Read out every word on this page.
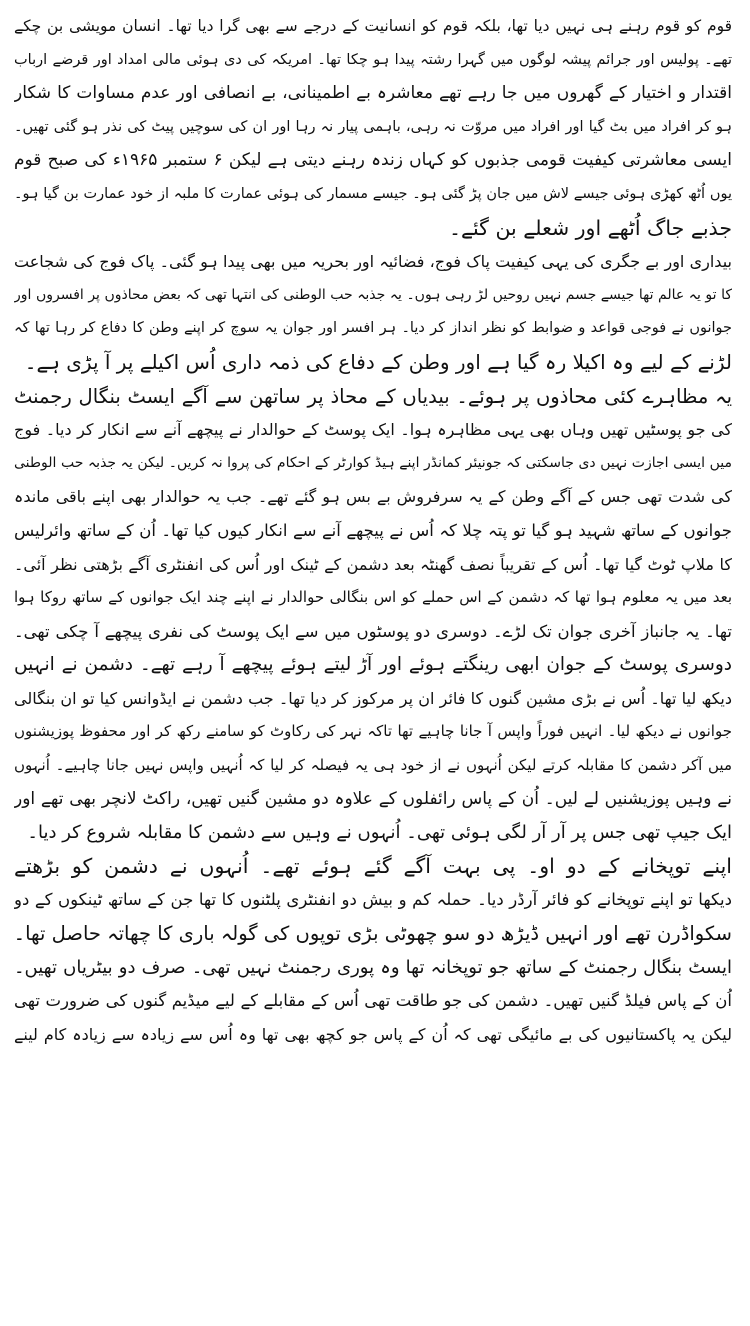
قوم کو قوم رہنے ہی نہیں دیا تھا، بلکہ قوم کو انسانیت کے درجے سے بھی گرا دیا تھا۔ انسان مویشی بن چکے
تھے۔ پولیس اور جرائم پیشہ لوگوں میں گہرا رشتہ پیدا ہو چکا تھا۔ امریکہ کی دی ہوئی مالی امداد اور قرضے ارباب
اقتدار و اختیار کے گھروں میں جا رہے تھے معاشرہ بے اطمینانی، بے انصافی اور عدم مساوات کا شکار
ہو کر افراد میں بٹ گیا اور افراد میں مروّت نہ رہی، باہمی پیار نہ رہا اور ان کی سوچیں پیٹ کی نذر ہو گئی تھیں۔
ایسی معاشرتی کیفیت قومی جذبوں کو کہاں زندہ رہنے دیتی ہے لیکن ۶ ستمبر ۱۹۶۵ء کی صبح قوم
یوں اُٹھ کھڑی ہوئی جیسے لاش میں جان پڑ گئی ہو۔ جیسے مسمار کی ہوئی عمارت کا ملبہ از خود عمارت بن گیا ہو۔
جذبے جاگ اُٹھے اور شعلے بن گئے۔
بیداری اور بے جگری کی یہی کیفیت پاک فوج، فضائیہ اور بحریہ میں بھی پیدا ہو گئی۔ پاک فوج کی شجاعت
کا تو یہ عالم تھا جیسے جسم نہیں روحیں لڑ رہی ہوں۔ یہ جذبہ حب الوطنی کی انتہا تھی کہ بعض محاذوں پر افسروں اور
جوانوں نے فوجی قواعد و ضوابط کو نظر انداز کر دیا۔ ہر افسر اور جوان یہ سوچ کر اپنے وطن کا دفاع کر رہا تھا کہ
لڑنے کے لیے وہ اکیلا رہ گیا ہے اور وطن کے دفاع کی ذمہ داری اُس اکیلے پر آ پڑی ہے۔
یہ مظاہرے کئی محاذوں پر ہوئے۔ بیدیاں کے محاذ پر ساتھن سے آگے ایسٹ بنگال رجمنٹ
کی جو پوسٹیں تھیں وہاں بھی یہی مظاہرہ ہوا۔ ایک پوسٹ کے حوالدار نے پیچھے آنے سے انکار کر دیا۔ فوج
میں ایسی اجازت نہیں دی جاسکتی کہ جونیئر کمانڈر اپنے ہیڈ کوارٹر کے احکام کی پروا نہ کریں۔ لیکن یہ جذبہ حب الوطنی
کی شدت تھی جس کے آگے وطن کے یہ سرفروش بے بس ہو گئے تھے۔ جب یہ حوالدار بھی اپنے باقی ماندہ
جوانوں کے ساتھ شہید ہو گیا تو پتہ چلا کہ اُس نے پیچھے آنے سے انکار کیوں کیا تھا۔ اُن کے ساتھ وائرلیس
کا ملاپ ٹوٹ گیا تھا۔ اُس کے تقریباً نصف گھنٹہ بعد دشمن کے ٹینک اور اُس کی انفنٹری آگے بڑھتی نظر آئی۔
بعد میں یہ معلوم ہوا تھا کہ دشمن کے اس حملے کو اس بنگالی حوالدار نے اپنے چند ایک جوانوں کے ساتھ روکا ہوا
تھا۔ یہ جانباز آخری جوان تک لڑے۔ دوسری دو پوسٹوں میں سے ایک پوسٹ کی نفری پیچھے آ چکی تھی۔
دوسری پوسٹ کے جوان ابھی رینگتے ہوئے اور آڑ لیتے ہوئے پیچھے آ رہے تھے۔ دشمن نے انہیں
دیکھ لیا تھا۔ اُس نے بڑی مشین گنوں کا فائر ان پر مرکوز کر دیا تھا۔ جب دشمن نے ایڈوانس کیا تو ان بنگالی
جوانوں نے دیکھ لیا۔ انہیں فوراً واپس آ جانا چاہیے تھا تاکہ نہر کی رکاوٹ کو سامنے رکھ کر اور محفوظ پوزیشنوں
میں آکر دشمن کا مقابلہ کرتے لیکن اُنہوں نے از خود ہی یہ فیصلہ کر لیا کہ اُنہیں واپس نہیں جانا چاہیے۔ اُنہوں
نے وہیں پوزیشنیں لے لیں۔ اُن کے پاس رائفلوں کے علاوہ دو مشین گنیں تھیں، راکٹ لانچر بھی تھے اور
ایک جیپ تھی جس پر آر آر لگی ہوئی تھی۔ اُنہوں نے وہیں سے دشمن کا مقابلہ شروع کر دیا۔
اپنے توپخانے کے دو او۔ پی بہت آگے گئے ہوئے تھے۔ اُنہوں نے دشمن کو بڑھتے
دیکھا تو اپنے توپخانے کو فائر آرڈر دیا۔ حملہ کم و بیش دو انفنٹری پلٹنوں کا تھا جن کے ساتھ ٹینکوں کے دو
سکواڈرن تھے اور انہیں ڈیڑھ دو سو چھوٹی بڑی توپوں کی گولہ باری کا چھاتہ حاصل تھا۔
ایسٹ بنگال رجمنٹ کے ساتھ جو توپخانہ تھا وہ پوری رجمنٹ نہیں تھی۔ صرف دو بیٹریاں تھیں۔
اُن کے پاس فیلڈ گنیں تھیں۔ دشمن کی جو طاقت تھی اُس کے مقابلے کے لیے میڈیم گنوں کی ضرورت تھی
لیکن یہ پاکستانیوں کی بے مائیگی تھی کہ اُن کے پاس جو کچھ بھی تھا وہ اُس سے زیادہ سے زیادہ کام لینے
